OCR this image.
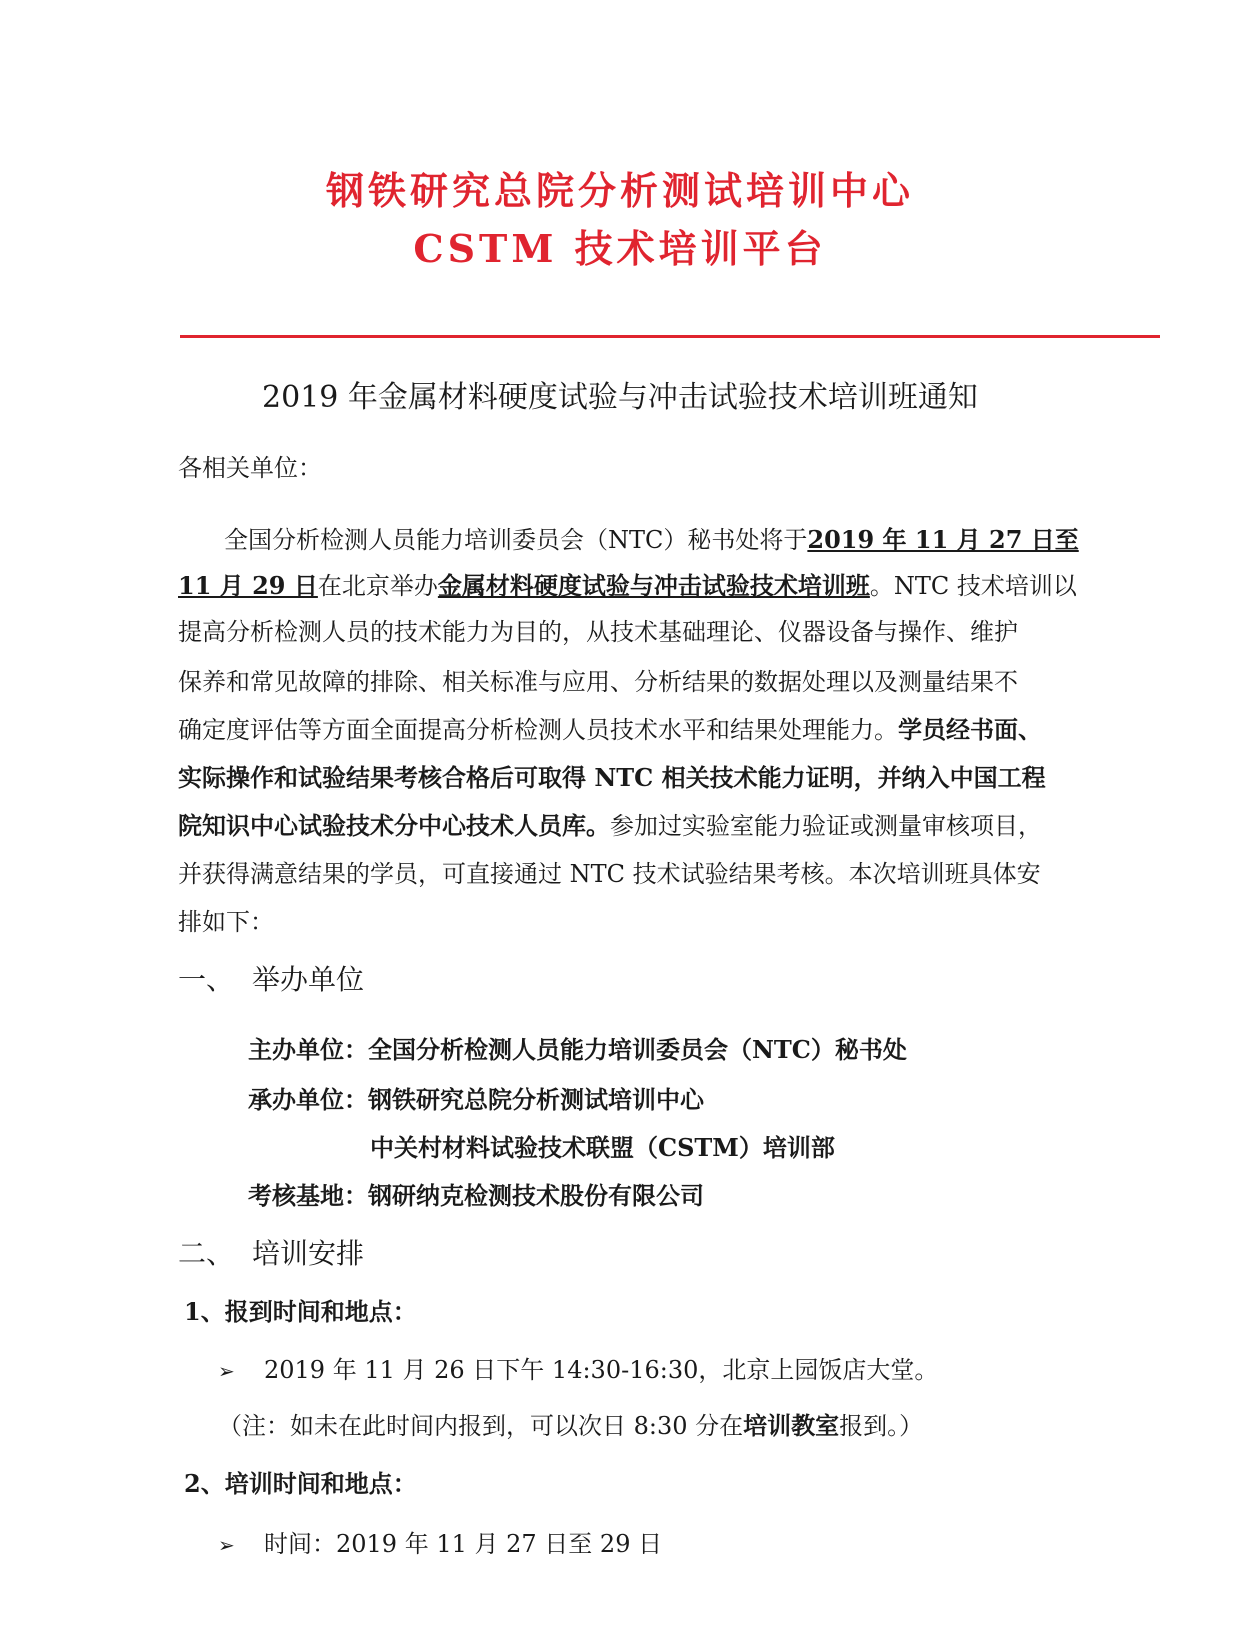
钢铁研究总院分析测试培训中心
CSTM 技术培训平台
2019 年金属材料硬度试验与冲击试验技术培训班通知
各相关单位：
全国分析检测人员能力培训委员会（NTC）秘书处将于2019 年 11 月 27 日至
11 月 29 日在北京举办金属材料硬度试验与冲击试验技术培训班。NTC 技术培训以
提高分析检测人员的技术能力为目的，从技术基础理论、仪器设备与操作、维护
保养和常见故障的排除、相关标准与应用、分析结果的数据处理以及测量结果不
确定度评估等方面全面提高分析检测人员技术水平和结果处理能力。学员经书面、
实际操作和试验结果考核合格后可取得 NTC 相关技术能力证明，并纳入中国工程
院知识中心试验技术分中心技术人员库。参加过实验室能力验证或测量审核项目，
并获得满意结果的学员，可直接通过 NTC 技术试验结果考核。本次培训班具体安
排如下：
一、 举办单位
主办单位：全国分析检测人员能力培训委员会（NTC）秘书处
承办单位：钢铁研究总院分析测试培训中心
中关村材料试验技术联盟（CSTM）培训部
考核基地：钢研纳克检测技术股份有限公司
二、 培训安排
1、报到时间和地点：
➢ 2019 年 11 月 26 日下午 14:30-16:30，北京上园饭店大堂。
（注：如未在此时间内报到，可以次日 8:30 分在培训教室报到。）
2、培训时间和地点：
➢ 时间：2019 年 11 月 27 日至 29 日
